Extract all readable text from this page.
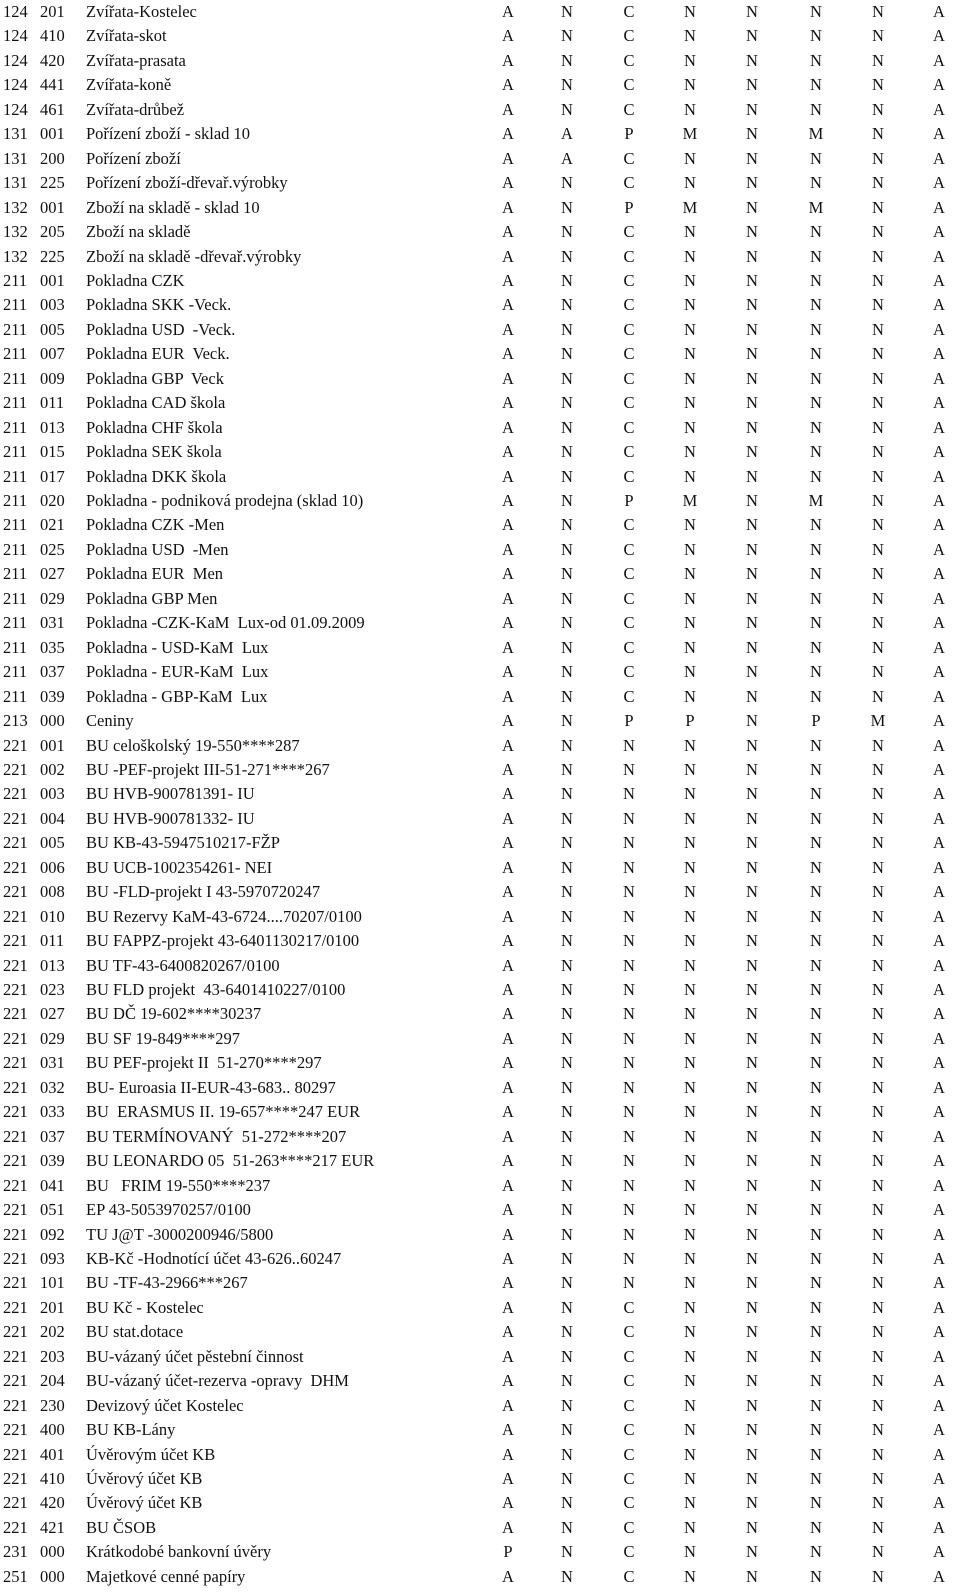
124 201 Zvířata-Kostelec	A	N	C	N	N	N	N	A
124 410 Zvířata-skot	A	N	C	N	N	N	N	A
124 420 Zvířata-prasata	A	N	C	N	N	N	N	A
124 441 Zvířata-koně	A	N	C	N	N	N	N	A
124 461 Zvířata-drůbež	A	N	C	N	N	N	N	A
131 001 Pořízení zboží - sklad 10	A	A	P	M	N	M	N	A
131 200 Pořízení zboží	A	A	C	N	N	N	N	A
131 225 Pořízení zboží-dřevař.výrobky	A	N	C	N	N	N	N	A
132 001 Zboží na skladě - sklad 10	A	N	P	M	N	M	N	A
132 205 Zboží na skladě	A	N	C	N	N	N	N	A
132 225 Zboží na skladě -dřevař.výrobky	A	N	C	N	N	N	N	A
211 001 Pokladna CZK	A	N	C	N	N	N	N	A
211 003 Pokladna SKK -Veck.	A	N	C	N	N	N	N	A
211 005 Pokladna USD  -Veck.	A	N	C	N	N	N	N	A
211 007 Pokladna EUR  Veck.	A	N	C	N	N	N	N	A
211 009 Pokladna GBP  Veck	A	N	C	N	N	N	N	A
211 011 Pokladna CAD škola	A	N	C	N	N	N	N	A
211 013 Pokladna CHF škola	A	N	C	N	N	N	N	A
211 015 Pokladna SEK škola	A	N	C	N	N	N	N	A
211 017 Pokladna DKK škola	A	N	C	N	N	N	N	A
211 020 Pokladna - podniková prodejna (sklad 10)	A	N	P	M	N	M	N	A
211 021 Pokladna CZK -Men	A	N	C	N	N	N	N	A
211 025 Pokladna USD  -Men	A	N	C	N	N	N	N	A
211 027 Pokladna EUR  Men	A	N	C	N	N	N	N	A
211 029 Pokladna GBP Men	A	N	C	N	N	N	N	A
211 031 Pokladna -CZK-KaM  Lux-od 01.09.2009	A	N	C	N	N	N	N	A
211 035 Pokladna - USD-KaM  Lux	A	N	C	N	N	N	N	A
211 037 Pokladna - EUR-KaM  Lux	A	N	C	N	N	N	N	A
211 039 Pokladna - GBP-KaM  Lux	A	N	C	N	N	N	N	A
213 000 Ceniny	A	N	P	P	N	P	M	A
221 001 BU celoškolský 19-550****287	A	N	N	N	N	N	N	A
221 002 BU -PEF-projekt III-51-271****267	A	N	N	N	N	N	N	A
221 003 BU HVB-900781391- IU	A	N	N	N	N	N	N	A
221 004 BU HVB-900781332- IU	A	N	N	N	N	N	N	A
221 005 BU KB-43-5947510217-FŽP	A	N	N	N	N	N	N	A
221 006 BU UCB-1002354261- NEI	A	N	N	N	N	N	N	A
221 008 BU -FLD-projekt I 43-5970720247	A	N	N	N	N	N	N	A
221 010 BU Rezervy KaM-43-6724....70207/0100	A	N	N	N	N	N	N	A
221 011 BU FAPPZ-projekt 43-6401130217/0100	A	N	N	N	N	N	N	A
221 013 BU TF-43-6400820267/0100	A	N	N	N	N	N	N	A
221 023 BU FLD projekt  43-6401410227/0100	A	N	N	N	N	N	N	A
221 027 BU DČ 19-602****30237	A	N	N	N	N	N	N	A
221 029 BU SF 19-849****297	A	N	N	N	N	N	N	A
221 031 BU PEF-projekt II  51-270****297	A	N	N	N	N	N	N	A
221 032 BU- Euroasia II-EUR-43-683.. 80297	A	N	N	N	N	N	N	A
221 033 BU  ERASMUS II. 19-657****247 EUR	A	N	N	N	N	N	N	A
221 037 BU TERMÍNOVANÝ  51-272****207	A	N	N	N	N	N	N	A
221 039 BU LEONARDO 05  51-263****217 EUR	A	N	N	N	N	N	N	A
221 041 BU   FRIM 19-550****237	A	N	N	N	N	N	N	A
221 051 EP 43-5053970257/0100	A	N	N	N	N	N	N	A
221 092 TU J@T -3000200946/5800	A	N	N	N	N	N	N	A
221 093 KB-Kč -Hodnotící účet 43-626..60247	A	N	N	N	N	N	N	A
221 101 BU -TF-43-2966***267	A	N	N	N	N	N	N	A
221 201 BU Kč - Kostelec	A	N	C	N	N	N	N	A
221 202 BU stat.dotace	A	N	C	N	N	N	N	A
221 203 BU-vázaný účet pěstební činnost	A	N	C	N	N	N	N	A
221 204 BU-vázaný účet-rezerva -opravy  DHM	A	N	C	N	N	N	N	A
221 230 Devizový účet Kostelec	A	N	C	N	N	N	N	A
221 400 BU KB-Lány	A	N	C	N	N	N	N	A
221 401 Úvěrovým účet KB	A	N	C	N	N	N	N	A
221 410 Úvěrový účet KB	A	N	C	N	N	N	N	A
221 420 Úvěrový účet KB	A	N	C	N	N	N	N	A
221 421 BU ČSOB	A	N	C	N	N	N	N	A
231 000 Krátkodobé bankovní úvěry	P	N	C	N	N	N	N	A
251 000 Majetkové cenné papíry	A	N	C	N	N	N	N	A
